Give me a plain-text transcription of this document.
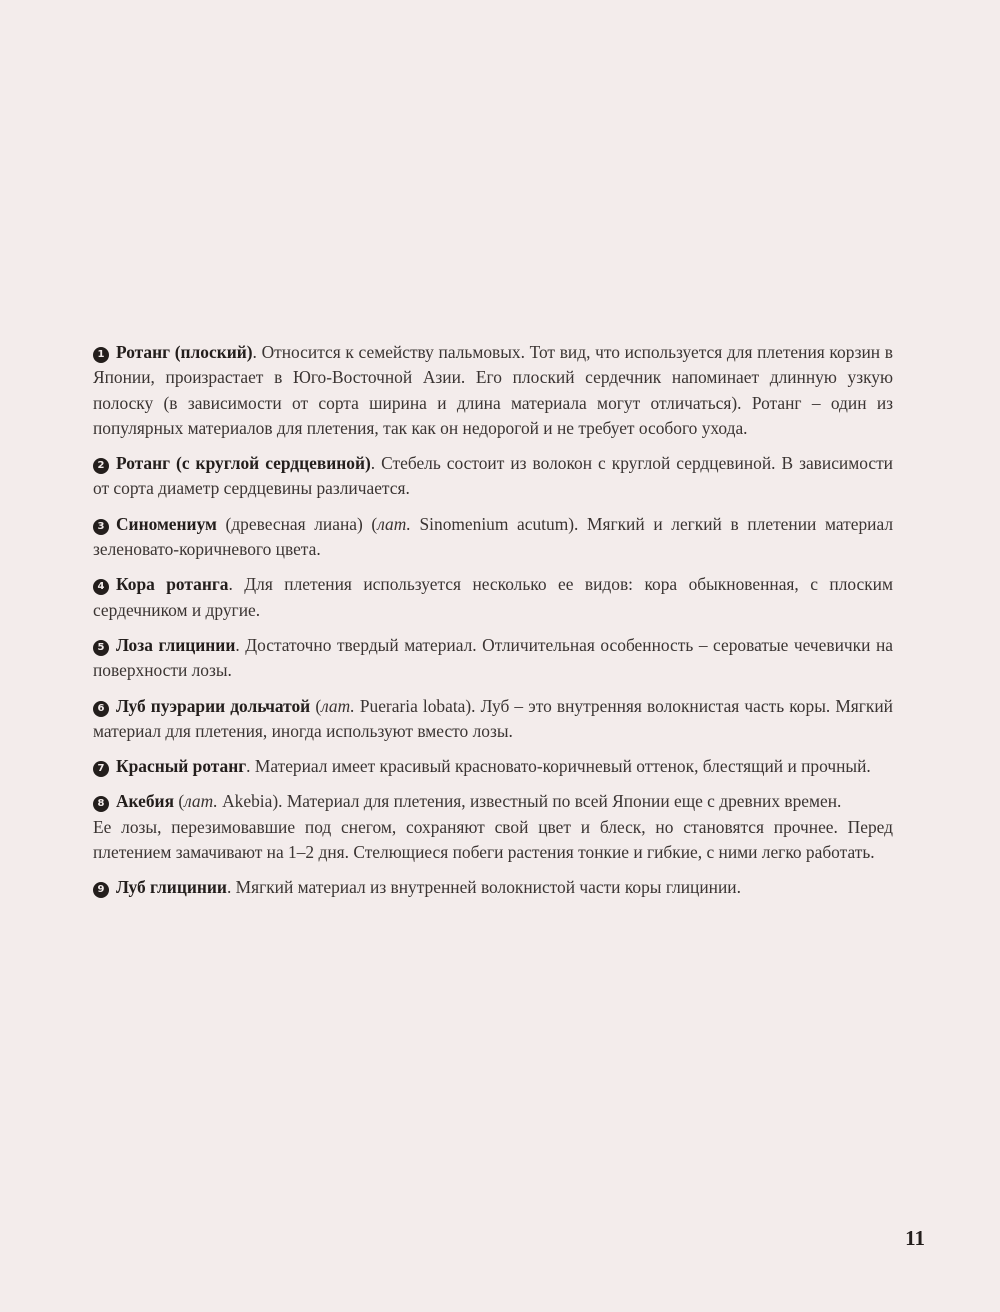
1 Ротанг (плоский). Относится к семейству пальмовых. Тот вид, что используется для плетения корзин в Японии, произрастает в Юго-Восточной Азии. Его плоский сердечник напоминает длинную узкую полоску (в зависимости от сорта ширина и длина материала могут отличаться). Ротанг – один из популярных материалов для плетения, так как он недорогой и не требует особого ухода.

2 Ротанг (с круглой сердцевиной). Стебель состоит из волокон с круглой сердцевиной. В зависимости от сорта диаметр сердцевины различается.

3 Синомениум (древесная лиана) (лат. Sinomenium acutum). Мягкий и легкий в плетении материал зеленовато-коричневого цвета.

4 Кора ротанга. Для плетения используется несколько ее видов: кора обыкновенная, с плоским сердечником и другие.

5 Лоза глицинии. Достаточно твердый материал. Отличительная особенность – сероватые чечевички на поверхности лозы.

6 Луб пуэрарии дольчатой (лат. Pueraria lobata). Луб – это внутренняя волокнистая часть коры. Мягкий материал для плетения, иногда используют вместо лозы.

7 Красный ротанг. Материал имеет красивый красновато-коричневый оттенок, блестящий и прочный.

8 Акебия (лат. Akebia). Материал для плетения, известный по всей Японии еще с древних времен.
Ее лозы, перезимовавшие под снегом, сохраняют свой цвет и блеск, но становятся прочнее. Перед плетением замачивают на 1–2 дня. Стелющиеся побеги растения тонкие и гибкие, с ними легко работать.

9 Луб глицинии. Мягкий материал из внутренней волокнистой части коры глицинии.

11
